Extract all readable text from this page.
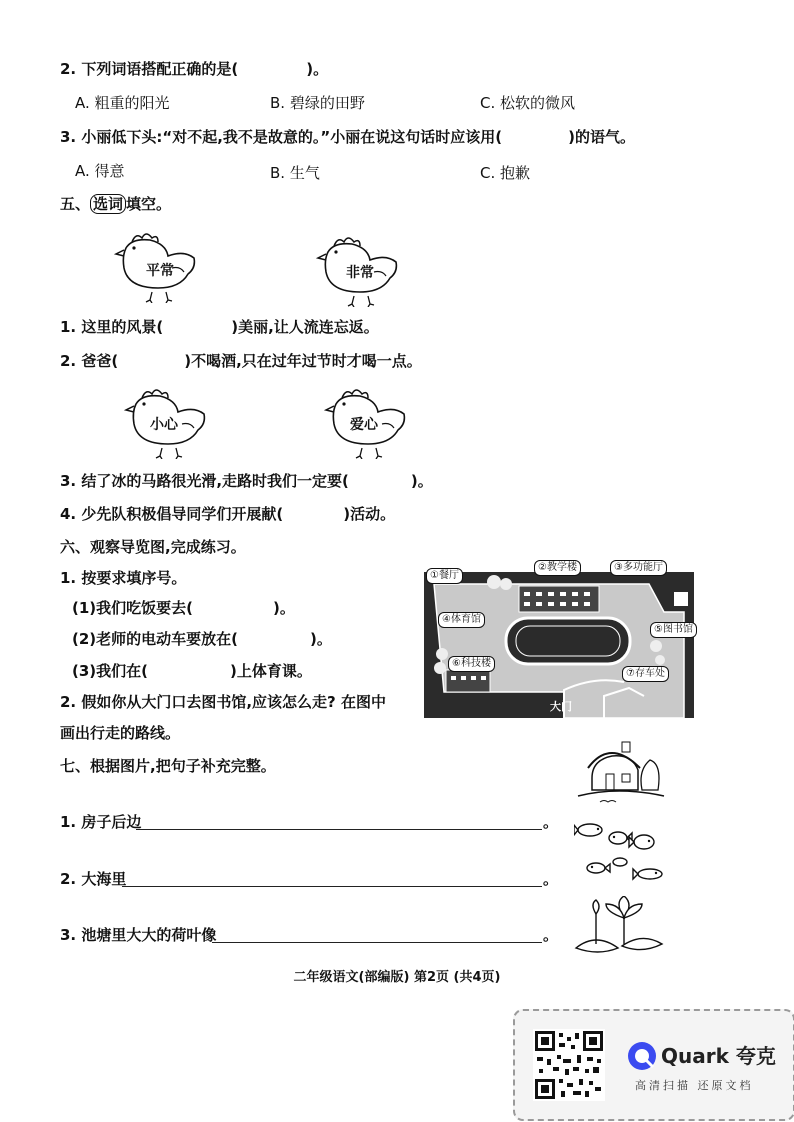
2. 下列词语搭配正确的是(	)。
A. 粗重的阳光	B. 碧绿的田野	C. 松软的微风
3. 小丽低下头:“对不起,我不是故意的。”小丽在说这句话时应该用(	)的语气。
A. 得意	B. 生气	C. 抱歉
五、 选词 填空。
平常	非常
1. 这里的风景(	)美丽,让人流连忘返。
2. 爸爸(	)不喝酒,只在过年过节时才喝一点。
小心	爱心
3. 结了冰的马路很光滑,走路时我们一定要(	)。
4. 少先队积极倡导同学们开展献(	)活动。
六、观察导览图,完成练习。
1. 按要求填序号。
(1)我们吃饭要去(	)。
(2)老师的电动车要放在(	)。
(3)我们在(	)上体育课。
2. 假如你从大门口去图书馆,应该怎么走? 在图中
画出行走的路线。
①餐厅
②教学楼	③多功能厅
④体育馆
⑤图书馆
⑥科技楼
⑦存车处
大门
七、根据图片,把句子补充完整。
1. 房子后边	。
2. 大海里	。
3. 池塘里大大的荷叶像	。
二年级语文(部编版) 第2页 (共4页)
Quark 夸克
高清扫描 还原文档
